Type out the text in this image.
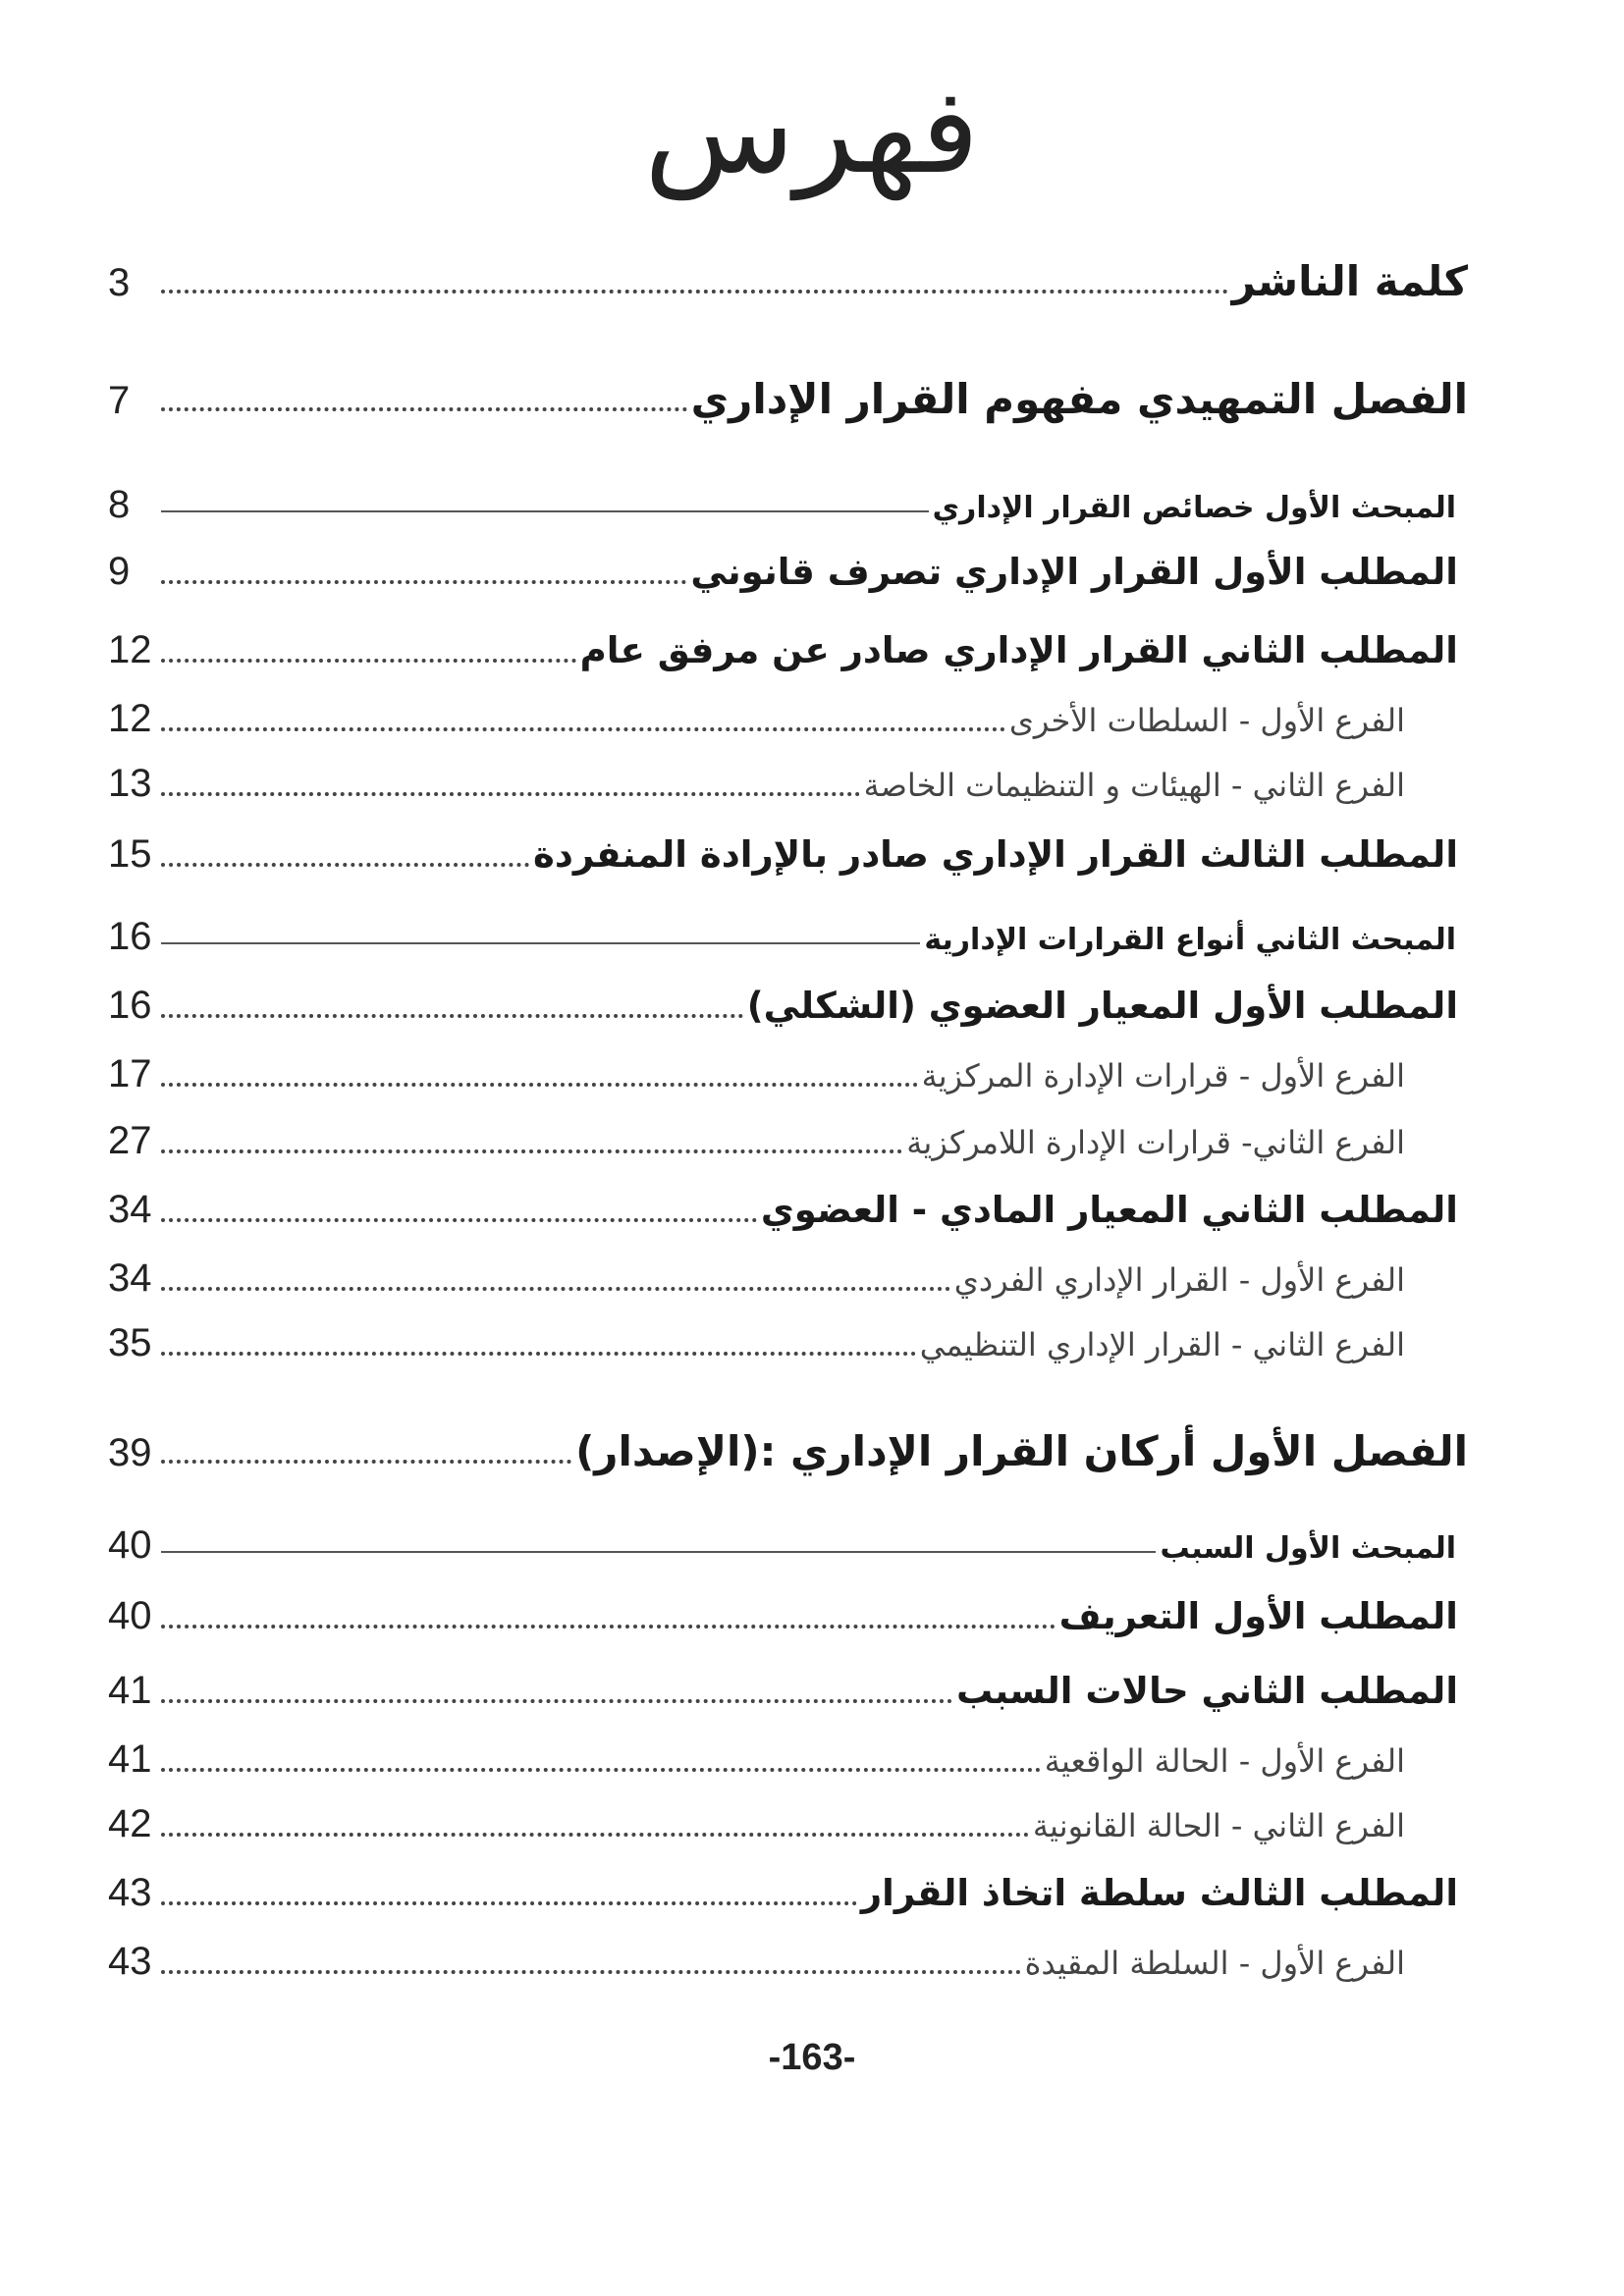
فهرس
كلمة الناشر
3
الفصل التمهيدي مفهوم القرار الإداري
7
المبحث الأول خصائص القرار الإداري
8
المطلب الأول القرار الإداري تصرف قانوني
9
المطلب الثاني القرار الإداري صادر عن مرفق عام
12
الفرع الأول - السلطات الأخرى
12
الفرع الثاني - الهيئات و التنظيمات الخاصة
13
المطلب الثالث القرار الإداري صادر بالإرادة المنفردة
15
المبحث الثاني أنواع القرارات الإدارية
16
المطلب الأول المعيار العضوي (الشكلي)
16
الفرع الأول - قرارات الإدارة المركزية
17
الفرع الثاني- قرارات الإدارة اللامركزية
27
المطلب الثاني المعيار المادي - العضوي
34
الفرع الأول - القرار الإداري الفردي
34
الفرع الثاني - القرار الإداري التنظيمي
35
الفصل الأول أركان القرار الإداري :(الإصدار)
39
المبحث الأول السبب
40
المطلب الأول التعريف
40
المطلب الثاني حالات السبب
41
الفرع الأول - الحالة الواقعية
41
الفرع الثاني - الحالة القانونية
42
المطلب الثالث سلطة اتخاذ القرار
43
الفرع الأول - السلطة المقيدة
43
-163-
